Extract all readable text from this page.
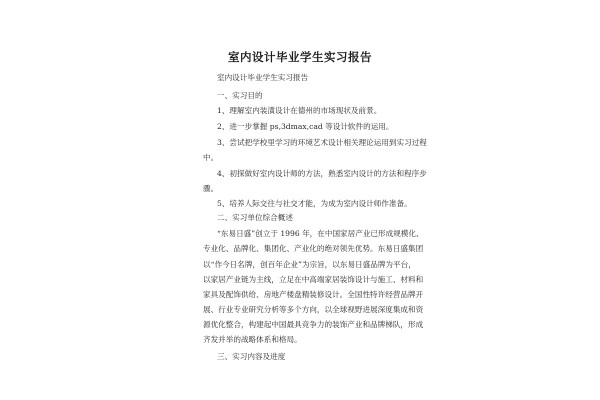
室内设计毕业学生实习报告
室内设计毕业学生实习报告
一、实习目的
1、理解室内装潢设计在德州的市场现状及前景。
2、进一步掌握 ps,3dmax,cad 等设计软件的运用。
3、尝试把学校里学习的环境艺术设计相关理论运用到实习过程
中。
4、初探做好室内设计师的方法，熟悉室内设计的方法和程序步
骤。
5、培养人际交往与社交才能，为成为室内设计师作准备。
二、实习单位综合概述
“东易日盛”创立于 1996 年，在中国家居产业已形成规模化、
专业化、品牌化、集团化、产业化的绝对领先优势。东易日盛集团
以“作今日名牌，创百年企业”为宗旨，以东易日盛品牌为平台，
以家居产业链为主线，立足在中高端家居装饰设计与施工、材料和
家具及配饰供给、房地产楼盘精装修设计。全国性特许经营品牌开
展、行业专业研究分析等多个方向，以全球视野进展深度集成和资
源优化整合，构建起中国最具竞争力的装饰产业和品牌梯队，形成
齐发并举的战略体系和格局。
三、实习内容及进度
